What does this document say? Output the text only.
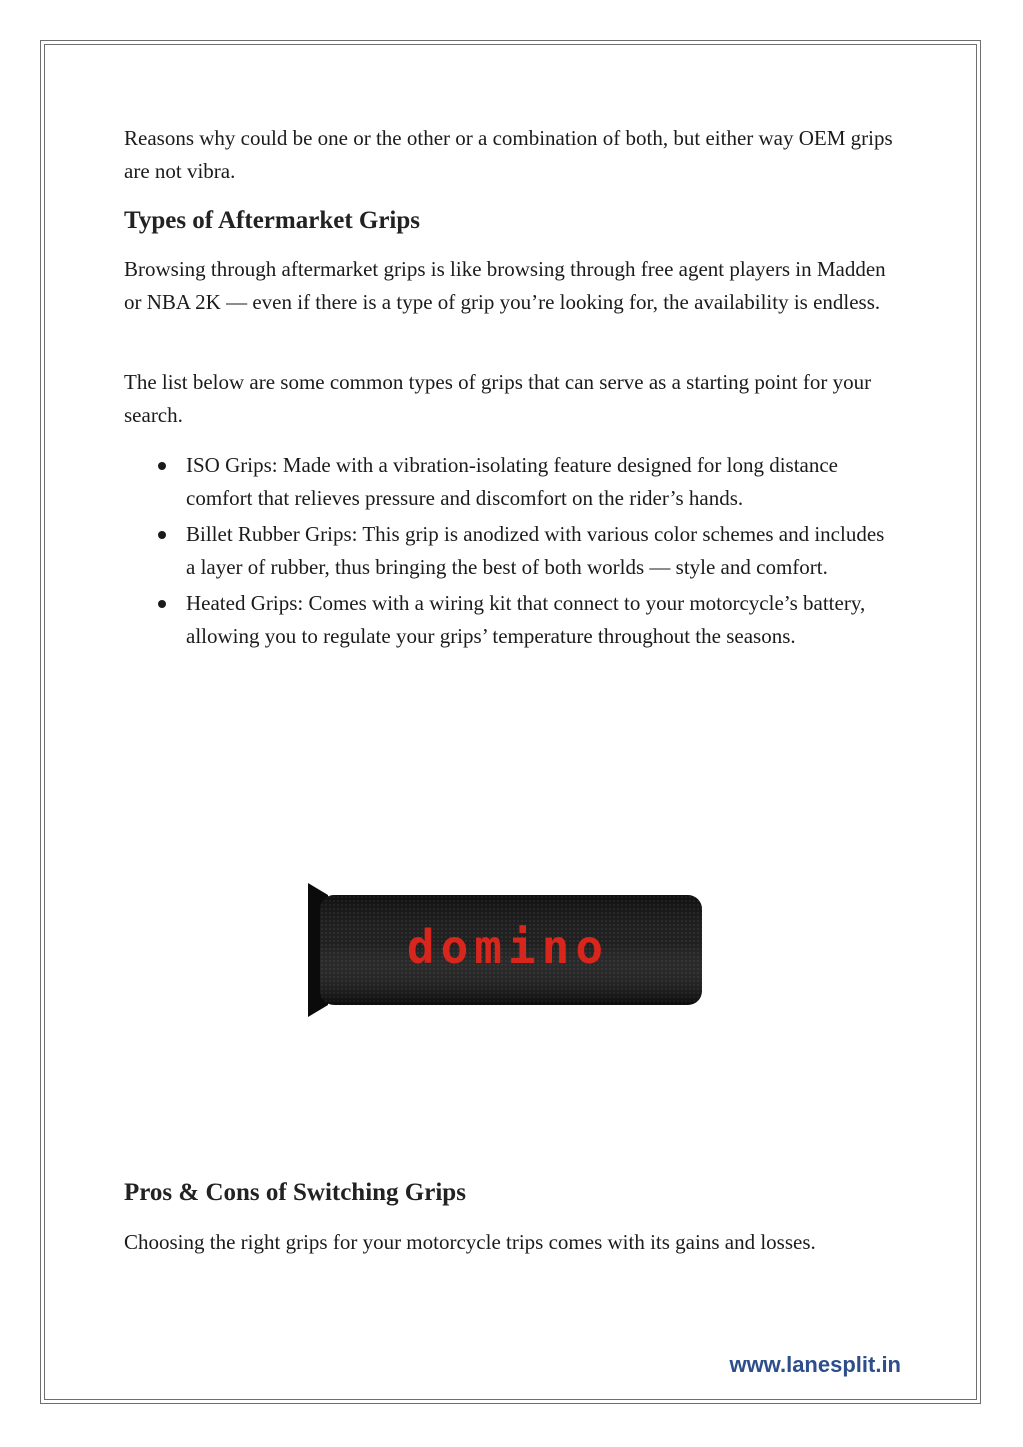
Reasons why could be one or the other or a combination of both, but either way OEM grips are not vibra.

Types of Aftermarket Grips

Browsing through aftermarket grips is like browsing through free agent players in Madden or NBA 2K — even if there is a type of grip you’re looking for, the availability is endless.

The list below are some common types of grips that can serve as a starting point for your search.

ISO Grips: Made with a vibration-isolating feature designed for long distance comfort that relieves pressure and discomfort on the rider’s hands.
Billet Rubber Grips: This grip is anodized with various color schemes and includes a layer of rubber, thus bringing the best of both worlds — style and comfort.
Heated Grips: Comes with a wiring kit that connect to your motorcycle’s battery, allowing you to regulate your grips’ temperature throughout the seasons.
domino
Pros & Cons of Switching Grips

Choosing the right grips for your motorcycle trips comes with its gains and losses.

www.lanesplit.in
